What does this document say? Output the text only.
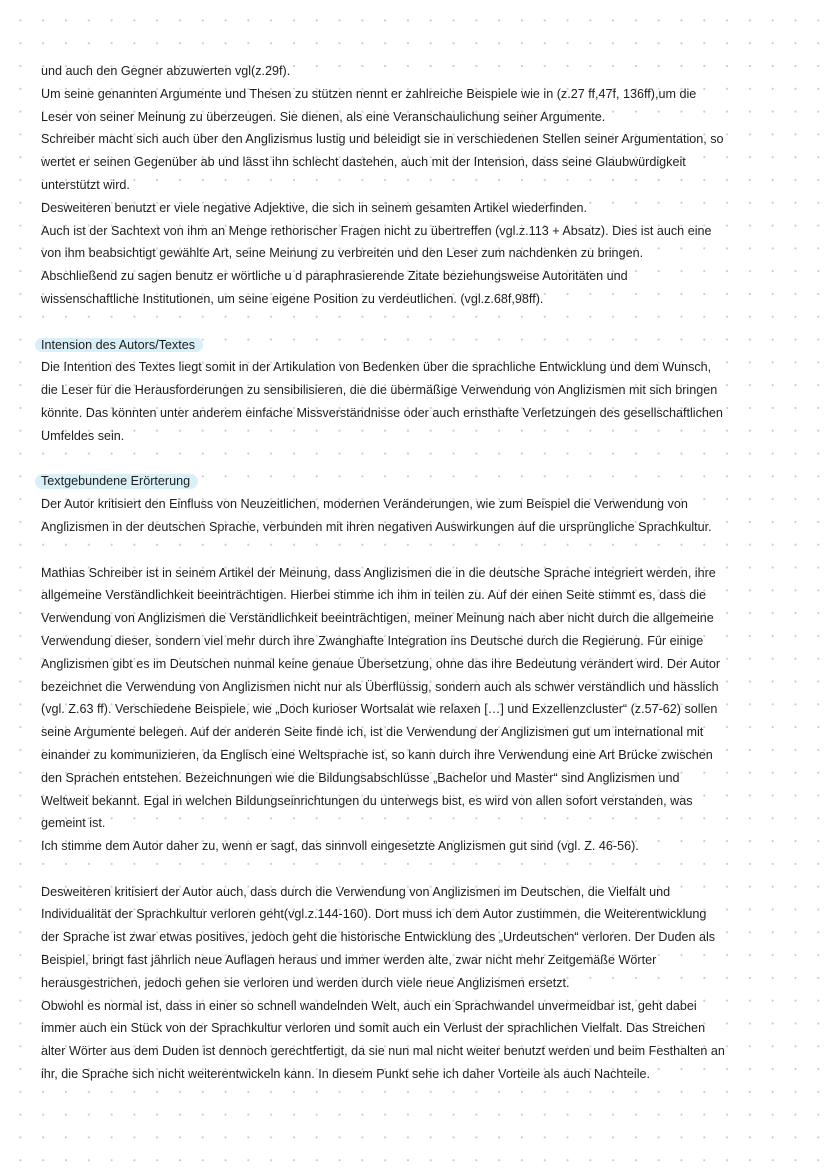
und auch den Gegner abzuwerten vgl(z.29f).
Um seine genannten Argumente und Thesen zu stützen nennt er zahlreiche Beispiele wie in (z.27 ff,47f, 136ff),um die
Leser von seiner Meinung zu überzeugen. Sie dienen, als eine Veranschaulichung seiner Argumente.
Schreiber macht sich auch über den Anglizismus lustig und beleidigt sie in verschiedenen Stellen seiner Argumentation, so
wertet er seinen Gegenüber ab und lässt ihn schlecht dastehen, auch mit der Intension, dass seine Glaubwürdigkeit
unterstützt wird.
Desweiteren benutzt er viele negative Adjektive, die sich in seinem gesamten Artikel wiederfinden.
Auch ist der Sachtext von ihm an Menge rethorischer Fragen nicht zu übertreffen (vgl.z.113 + Absatz). Dies ist auch eine
von ihm beabsichtigt gewählte Art, seine Meinung zu verbreiten und den Leser zum nachdenken zu bringen.
Abschließend zu sagen benutz er wörtliche u d paraphrasierende Zitate beziehungsweise Autoritäten und
wissenschaftliche Institutionen, um seine eigene Position zu verdeutlichen. (vgl.z.68f,98ff).
Intension des Autors/Textes
Die Intention des Textes liegt somit in der Artikulation von Bedenken über die sprachliche Entwicklung und dem Wunsch,
die Leser für die Herausforderungen zu sensibilisieren, die die übermäßige Verwendung von Anglizismen mit sich bringen
könnte. Das könnten unter anderem einfache Missverständnisse oder auch ernsthafte Verletzungen des gesellschaftlichen
Umfeldes sein.
Textgebundene Erörterung
Der Autor kritisiert den Einfluss von Neuzeitlichen, modernen Veränderungen, wie zum Beispiel die Verwendung von
Anglizismen in der deutschen Sprache, verbunden mit ihren negativen Auswirkungen auf die ursprüngliche Sprachkultur.
Mathias Schreiber ist in seinem Artikel der Meinung, dass Anglizismen die in die deutsche Sprache integriert werden, ihre
allgemeine Verständlichkeit beeinträchtigen. Hierbei stimme ich ihm in teilen zu. Auf der einen Seite stimmt es, dass die
Verwendung von Anglizismen die Verständlichkeit beeinträchtigen, meiner Meinung nach aber nicht durch die allgemeine
Verwendung dieser, sondern viel mehr durch ihre Zwanghafte Integration ins Deutsche durch die Regierung. Für einige
Anglizismen gibt es im Deutschen nunmal keine genaue Übersetzung, ohne das ihre Bedeutung verändert wird. Der Autor
bezeichnet die Verwendung von Anglizismen nicht nur als Überflüssig, sondern auch als schwer verständlich und hässlich
(vgl. Z.63 ff). Verschiedene Beispiele, wie „Doch kurioser Wortsalat wie relaxen […] und Exzellenzcluster“ (z.57-62) sollen
seine Argumente belegen. Auf der anderen Seite finde ich, ist die Verwendung der Anglizismen gut um international mit
einander zu kommunizieren, da Englisch eine Weltsprache ist, so kann durch ihre Verwendung eine Art Brücke zwischen
den Sprachen entstehen. Bezeichnungen wie die Bildungsabschlüsse „Bachelor und Master“ sind Anglizismen und
Weltweit bekannt. Egal in welchen Bildungseinrichtungen du unterwegs bist, es wird von allen sofort verstanden, was
gemeint ist.
Ich stimme dem Autor daher zu, wenn er sagt, das sinnvoll eingesetzte Anglizismen gut sind (vgl. Z. 46-56).
Desweiteren kritisiert der Autor auch, dass durch die Verwendung von Anglizismen im Deutschen, die Vielfalt und
Individualität der Sprachkultur verloren geht(vgl.z.144-160). Dort muss ich dem Autor zustimmen, die Weiterentwicklung
der Sprache ist zwar etwas positives, jedoch geht die historische Entwicklung des „Urdeutschen“ verloren. Der Duden als
Beispiel, bringt fast jährlich neue Auflagen heraus und immer werden alte, zwar nicht mehr Zeitgemäße Wörter
herausgestrichen, jedoch gehen sie verloren und werden durch viele neue Anglizismen ersetzt.
Obwohl es normal ist, dass in einer so schnell wandelnden Welt, auch ein Sprachwandel unvermeidbar ist, geht dabei
immer auch ein Stück von der Sprachkultur verloren und somit auch ein Verlust der sprachlichen Vielfalt. Das Streichen
alter Wörter aus dem Duden ist dennoch gerechtfertigt, da sie nun mal nicht weiter benutzt werden und beim Festhalten an
ihr, die Sprache sich nicht weiterentwickeln kann. In diesem Punkt sehe ich daher Vorteile als auch Nachteile.
